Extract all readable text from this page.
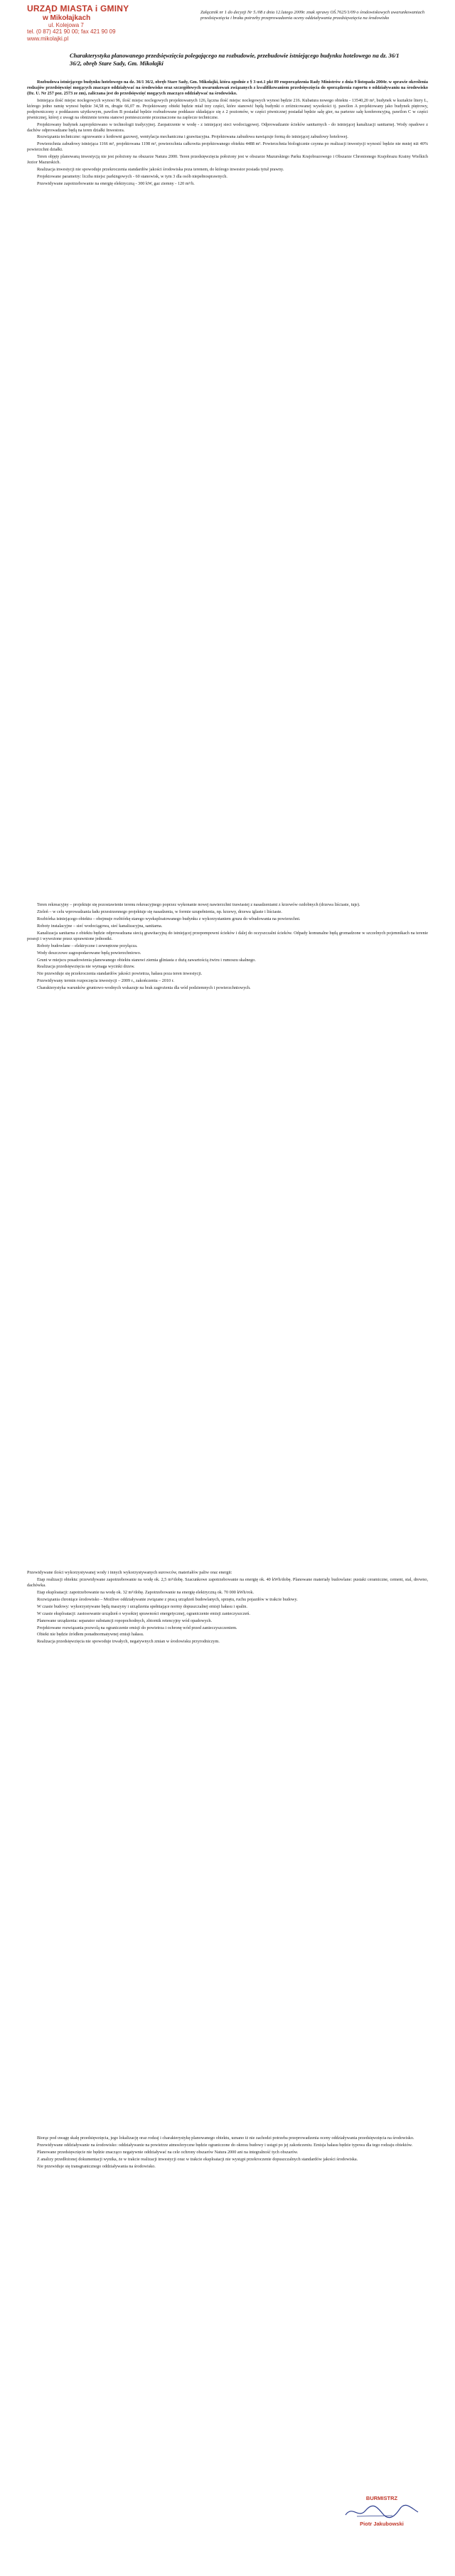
URZĄD MIASTA i GMINY
w Mikołajkach
ul. Kolejowa 7
tel. (0 87) 421 90 00; fax 421 90 09
www.mikolajki.pl
Załącznik nr 1 do decyzji Nr 5./08 z dnia 12.lutego 2009r. znak sprawy OŚ.7625/1/09 o środowiskowych uwarunkowaniach przedsięwzięcia i braku potrzeby przeprowadzenia oceny oddziaływania przedsięwzięcia na środowisko
Charakterystyka planowanego przedsięwzięcia polegającego na rozbudowie, przebudowie istniejącego budynku hotelowego na dz. 36/1 36/2, obręb Stare Sady, Gm. Mikołajki

Rozbudowa istniejącego budynku hotelowego na dz. 36/1 36/2, obręb Stare Sady, Gm. Mikołajki, która zgodnie z § 3 ust.1 pkt 89 rozporządzenia Rady Ministrów z dnia 9 listopada 2004r. w sprawie określenia rodzajów przedsięwzięć mogących znacząco oddziaływać na środowisko oraz szczegółowych uwarunkowań związanych z kwalifikowaniem przedsięwzięcia do sporządzenia raportu o oddziaływaniu na środowisko (Dz. U. Nr 257 poz. 2573 ze zm), zaliczana jest do przedsięwzięć mogących znacząco oddziaływać na środowisko.

Istniejąca ilość miejsc noclegowych wynosi 96, ilość miejsc noclegowych projektowanych 126, łączna ilość miejsc noclegowych wynosi będzie 216. Kubatura nowego obiektu - 13540,20 m³, budynek w kształcie litery L, którego jedno ramię wynosi będzie 34,58 m, drugie 66,07 m. Projektowany obiekt będzie miał trzy części, które stanowić będą budynki o zróżnicowanej wysokości tj. pawilon A projektowany jako budynek piętrowy, podpiwniczony z poddaszem użytkowym, pawilon B posiadał będzie rozbudowane poddasze składające się z 2 poziomów, w części piwnicznej posiadał będzie salę gier, na parterze salę konferencyjną, pawilon C w części piwnicznej, której z uwagi na obniżenie terenu stanowi pomieszczenie przeznaczone na zaplecze techniczne.

Projektowany budynek zaprojektowano w technologii tradycyjnej. Zaopatrzenie w wodę - z istniejącej sieci wodociągowej. Odprowadzanie ścieków sanitarnych - do istniejącej kanalizacji sanitarnej. Wody opadowe z dachów odprowadzane będą na teren działki Inwestora.

Rozwiązania techniczne: ogrzewanie z kotłowni gazowej, wentylacja mechaniczna i grawitacyjna. Projektowana zabudowa nawiązuje formą do istniejącej zabudowy hotelowej.

Powierzchnia zabudowy istniejąca 1166 m², projektowana 1198 m², powierzchnia całkowita projektowanego obiektu 4488 m². Powierzchnia biologicznie czynna po realizacji inwestycji wynosić będzie nie mniej niż 40% powierzchni działki.

Teren objęty planowaną inwestycją nie jest położony na obszarze Natura 2000. Teren przedsięwzięcia położony jest w obszarze Mazurskiego Parku Krajobrazowego i Obszarze Chronionego Krajobrazu Krainy Wielkich Jezior Mazurskich.

Realizacja inwestycji nie spowoduje przekroczenia standardów jakości środowiska poza terenem, do którego inwestor posiada tytuł prawny.

Projektowane parametry: liczba miejsc parkingowych - 60 stanowisk, w tym 3 dla osób niepełnosprawnych.

Przewidywane zapotrzebowanie na energię elektryczną - 300 kW, gaz ziemny - 120 m³/h.

Teren rekreacyjny – projektuje się pozostawienie terenu rekreacyjnego poprzez wykonanie nowej nawierzchni trawiastej z nasadzeniami z krzewów ozdobnych (drzewa liściaste, tuje).

Zieleń – w celu wprowadzania ładu przestrzennego projektuje się nasadzenia, w formie uzupełnienia, np. krzewy, drzewa iglaste i liściaste.

Rozbiórka istniejącego obiektu – obejmuje rozbiórkę starego wyeksploatowanego budynku z wykorzystaniem gruzu do wbudowania na powierzchni.

Roboty instalacyjne – sieć wodociągowa, sieć kanalizacyjna, sanitarna.

Kanalizacja sanitarna z obiektu będzie odprowadzana siecią grawitacyjną do istniejącej przepompowni ścieków i dalej do oczyszczalni ścieków. Odpady komunalne będą gromadzone w szczelnych pojemnikach na terenie posesji i wywożone przez uprawnione jednostki.

Roboty budowlane – elektryczne i zewnętrzne przyłącza.

Wody deszczowe zagospodarowane będą powierzchniowo.

Grunt w miejscu posadowienia planowanego obiektu stanowi ziemia gliniasta z dużą zawartością żwiru i rumoszu skalnego.

Realizacja przedsięwzięcia nie wymaga wycinki drzew.

Nie przewiduje się przekroczenia standardów jakości powietrza, hałasu poza teren inwestycji.

Przewidywany termin rozpoczęcia inwestycji – 2009 r., zakończenia – 2010 r.

Charakterystyka warunków gruntowo-wodnych wskazuje na brak zagrożenia dla wód podziemnych i powierzchniowych.

Przewidywane ilości wykorzystywanej wody i innych wykorzystywanych surowców, materiałów paliw oraz energii:

Etap realizacji obiektu: przewidywane zapotrzebowanie na wodę ok. 2,5 m³/dobę. Szacunkowe zapotrzebowanie na energię ok. 40 kWh/dobę. Planowane materiały budowlane: pustaki ceramiczne, cement, stal, drewno, dachówka.

Etap eksploatacji: zapotrzebowanie na wodę ok. 32 m³/dobę. Zapotrzebowanie na energię elektryczną ok. 70 000 kWh/rok.

Rozwiązania chroniące środowisko – Możliwe oddziaływanie związane z pracą urządzeń budowlanych, sprzętu, ruchu pojazdów w trakcie budowy.

W czasie budowy: wykorzystywane będą maszyny i urządzenia spełniające normy dopuszczalnej emisji hałasu i spalin.

W czasie eksploatacji: zastosowanie urządzeń o wysokiej sprawności energetycznej, ograniczenie emisji zanieczyszczeń.

Planowane urządzenia: separator substancji ropopochodnych, zbiornik retencyjny wód opadowych.

Projektowane rozwiązania pozwolą na ograniczenie emisji do powietrza i ochronę wód przed zanieczyszczeniem.

Obiekt nie będzie źródłem ponadnormatywnej emisji hałasu.

Realizacja przedsięwzięcia nie spowoduje trwałych, negatywnych zmian w środowisku przyrodniczym.

Biorąc pod uwagę skalę przedsięwzięcia, jego lokalizację oraz rodzaj i charakterystykę planowanego obiektu, uznano iż nie zachodzi potrzeba przeprowadzenia oceny oddziaływania przedsięwzięcia na środowisko.

Przewidywane oddziaływanie na środowisko: oddziaływanie na powietrze atmosferyczne będzie ograniczone do okresu budowy i ustąpi po jej zakończeniu. Emisja hałasu będzie typowa dla tego rodzaju obiektów.

Planowane przedsięwzięcie nie będzie znacząco negatywnie oddziaływać na cele ochrony obszarów Natura 2000 ani na integralność tych obszarów.

Z analizy przedłożonej dokumentacji wynika, że w trakcie realizacji inwestycji oraz w trakcie eksploatacji nie wystąpi przekroczenie dopuszczalnych standardów jakości środowiska.

Nie przewiduje się transgranicznego oddziaływania na środowisko.

BURMISTRZ
Piotr Jakubowski
